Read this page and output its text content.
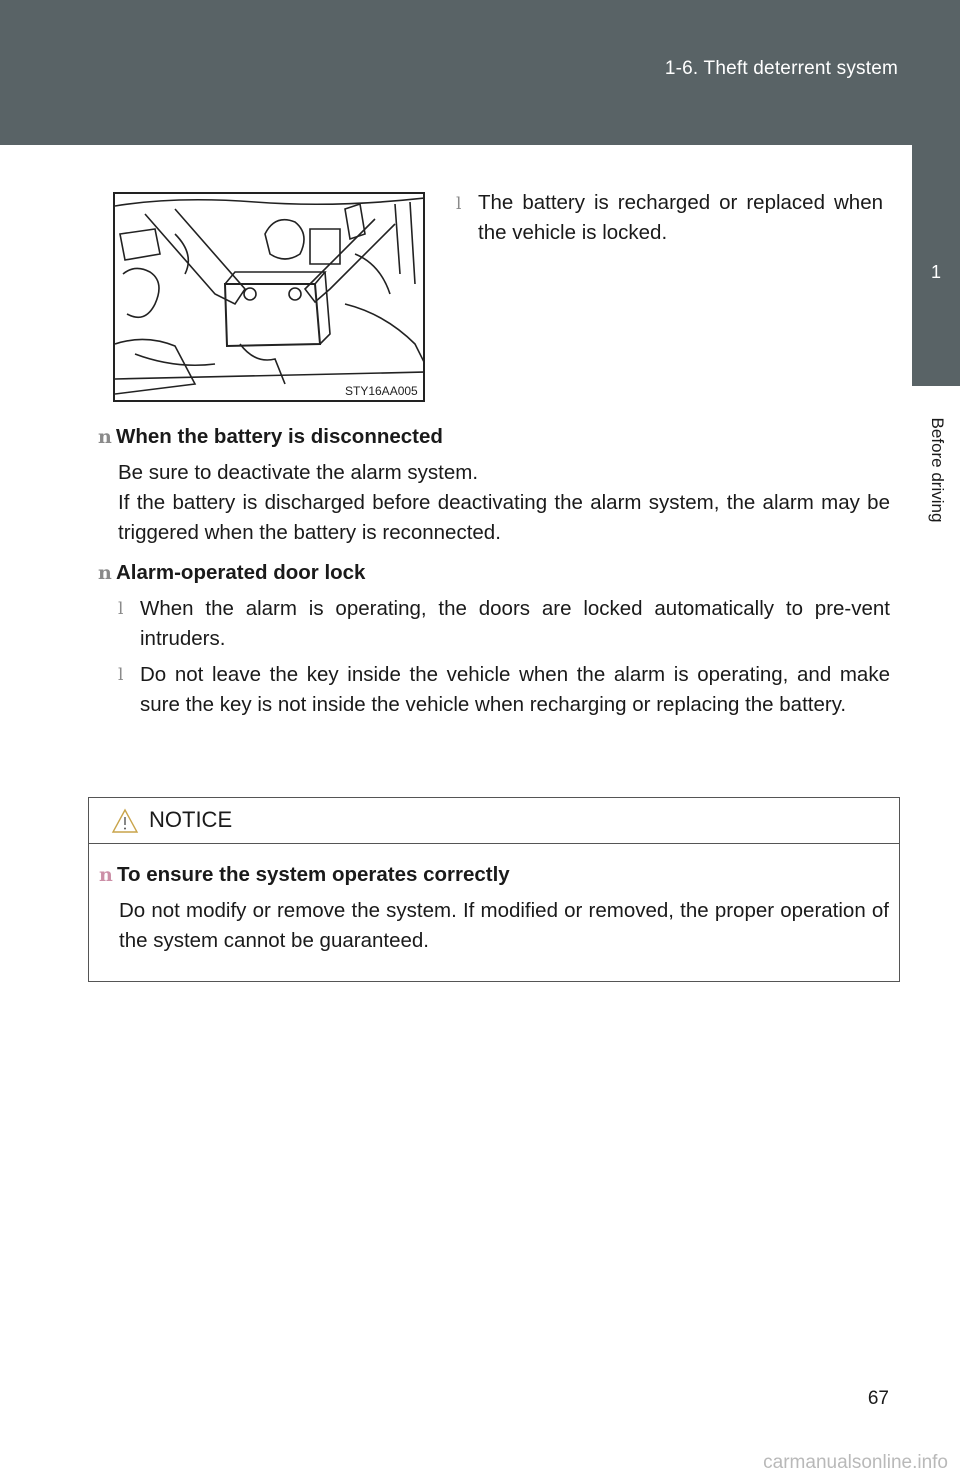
1-6. Theft deterrent system
1
Before driving
STY16AA005
l The battery is recharged or replaced when the vehicle is locked.
n When the battery is disconnected
Be sure to deactivate the alarm system.
If the battery is discharged before deactivating the alarm system, the alarm may be triggered when the battery is reconnected.
n Alarm-operated door lock
l When the alarm is operating, the doors are locked automatically to pre-vent intruders.
l Do not leave the key inside the vehicle when the alarm is operating, and make sure the key is not inside the vehicle when recharging or replacing the battery.
NOTICE
n To ensure the system operates correctly
Do not modify or remove the system. If modified or removed, the proper operation of the system cannot be guaranteed.
67
carmanualsonline.info
